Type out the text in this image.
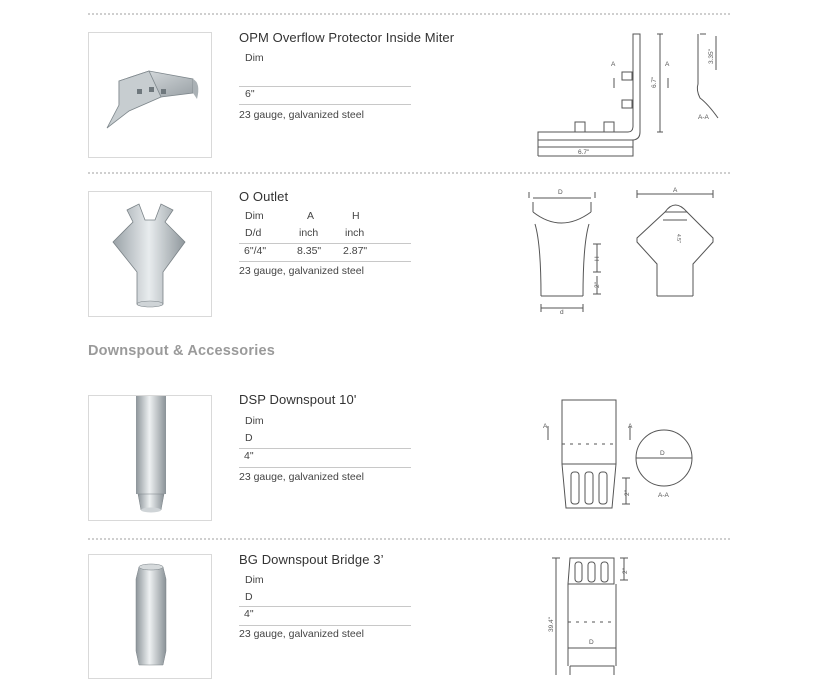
OPM Overflow Protector Inside Miter
Dim
6"
23 gauge, galvanized steel
A	A
6.7"
3.35"
6.7"
A-A
O Outlet
Dim	A	H
D/d	inch	inch
6"/4"	8.35" 2.87"
23 gauge, galvanized steel
D
H
2"
d
A
4.5"
Downspout & Accessories
DSP Downspout 10'
Dim
D
4"
23 gauge, galvanized steel
A	A
2"
D
A-A
BG Downspout Bridge 3’
Dim
D
4"
23 gauge, galvanized steel
2"
39.4"
D
